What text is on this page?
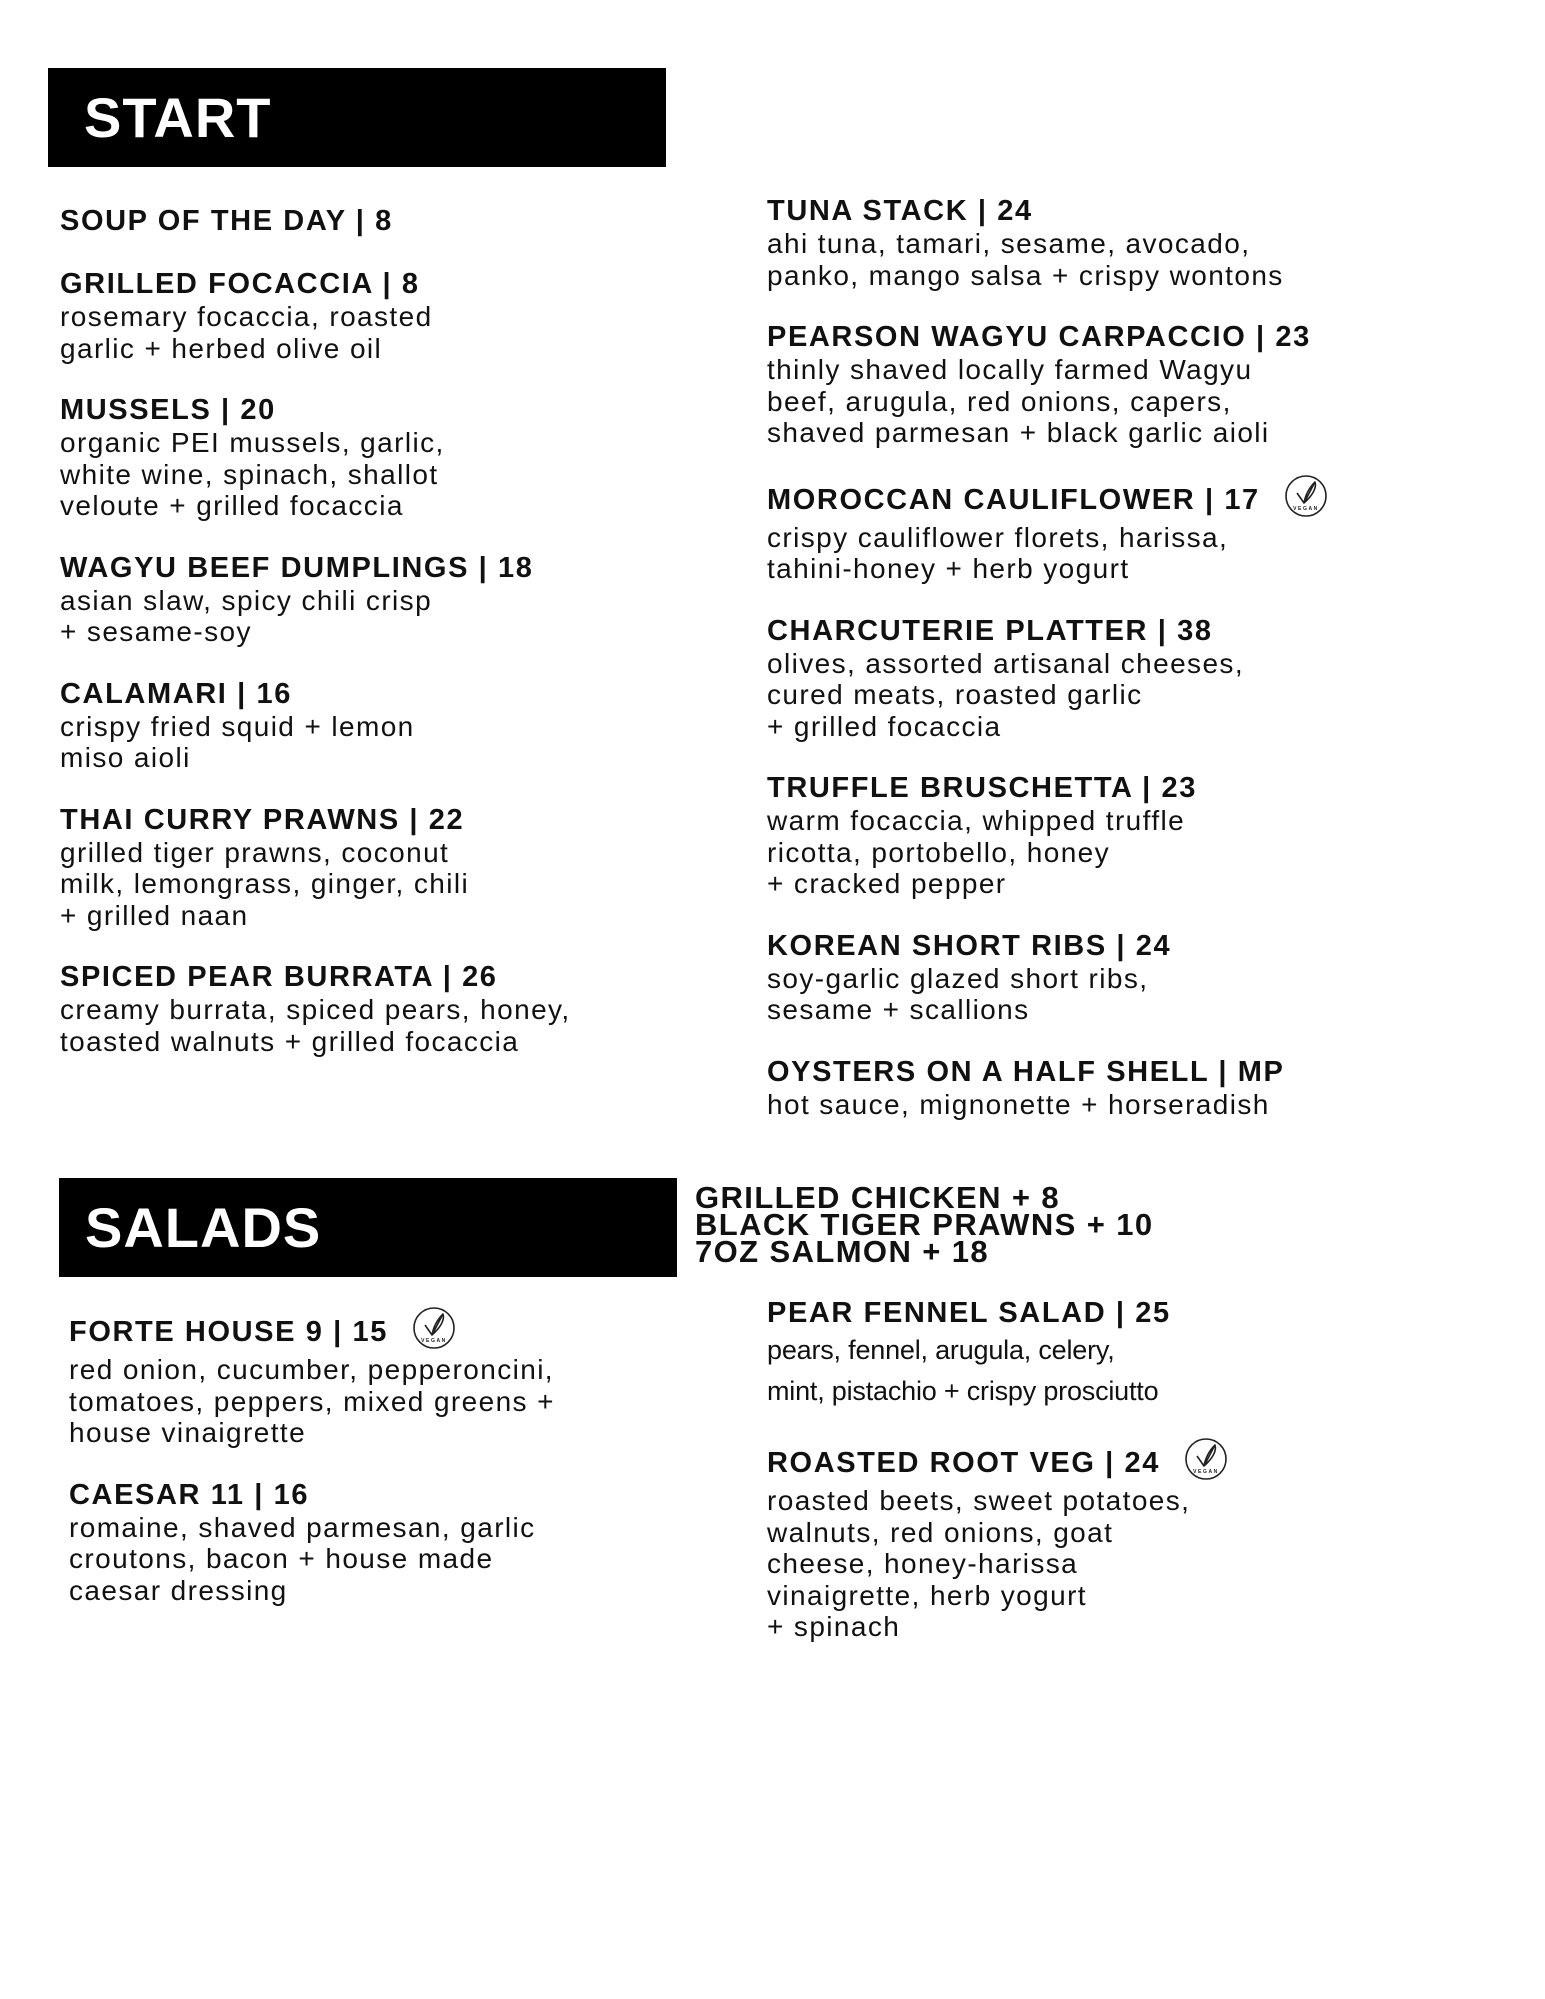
START
SOUP OF THE DAY | 8
GRILLED FOCACCIA | 8
rosemary focaccia, roasted
garlic + herbed olive oil
MUSSELS | 20
organic PEI mussels, garlic,
white wine, spinach, shallot
veloute + grilled focaccia
WAGYU BEEF DUMPLINGS | 18
asian slaw, spicy chili crisp
+ sesame-soy
CALAMARI | 16
crispy fried squid + lemon
miso aioli
THAI CURRY PRAWNS | 22
grilled tiger prawns, coconut
milk, lemongrass, ginger, chili
+ grilled naan
SPICED PEAR BURRATA | 26
creamy burrata, spiced pears, honey,
toasted walnuts + grilled focaccia
TUNA STACK | 24
ahi tuna, tamari, sesame, avocado,
panko, mango salsa + crispy wontons
PEARSON WAGYU CARPACCIO | 23
thinly shaved locally farmed Wagyu
beef, arugula, red onions, capers,
shaved parmesan + black garlic aioli
MOROCCAN CAULIFLOWER | 17	VEGAN
crispy cauliflower florets, harissa,
tahini-honey + herb yogurt
CHARCUTERIE PLATTER | 38
olives, assorted artisanal cheeses,
cured meats, roasted garlic
+ grilled focaccia
TRUFFLE BRUSCHETTA | 23
warm focaccia, whipped truffle
ricotta, portobello, honey
+ cracked pepper
KOREAN SHORT RIBS | 24
soy-garlic glazed short ribs,
sesame + scallions
OYSTERS ON A HALF SHELL | MP
hot sauce, mignonette + horseradish
SALADS	GRILLED CHICKEN + 8
BLACK TIGER PRAWNS + 10
7OZ SALMON + 18
FORTE HOUSE 9 | 15	VEGAN
red onion, cucumber, pepperoncini,
tomatoes, peppers, mixed greens +
house vinaigrette
CAESAR 11 | 16
romaine, shaved parmesan, garlic
croutons, bacon + house made
caesar dressing
PEAR FENNEL SALAD | 25
pears, fennel, arugula, celery,
mint, pistachio + crispy prosciutto
ROASTED ROOT VEG | 24	VEGAN
roasted beets, sweet potatoes,
walnuts, red onions, goat
cheese, honey-harissa
vinaigrette, herb yogurt
+ spinach
